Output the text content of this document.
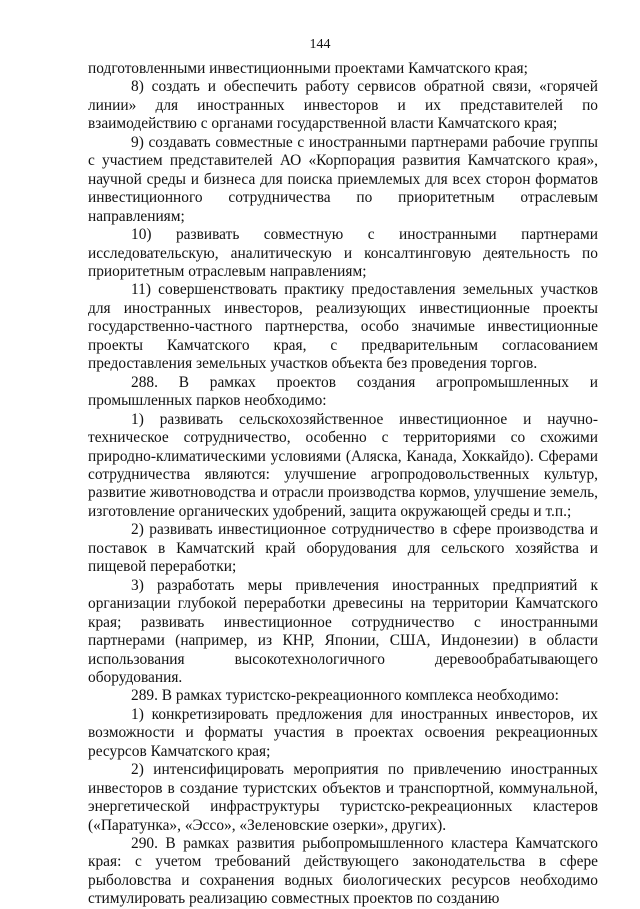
144

подготовленными инвестиционными проектами Камчатского края;

8) создать и обеспечить работу сервисов обратной связи, «горячей линии» для иностранных инвесторов и их представителей по взаимодействию с органами государственной власти Камчатского края;

9) создавать совместные с иностранными партнерами рабочие группы с участием представителей АО «Корпорация развития Камчатского края», научной среды и бизнеса для поиска приемлемых для всех сторон форматов инвестиционного сотрудничества по приоритетным отраслевым направлениям;

10) развивать совместную с иностранными партнерами исследовательскую, аналитическую и консалтинговую деятельность по приоритетным отраслевым направлениям;

11) совершенствовать практику предоставления земельных участков для иностранных инвесторов, реализующих инвестиционные проекты государственно-частного партнерства, особо значимые инвестиционные проекты Камчатского края, с предварительным согласованием предоставления земельных участков объекта без проведения торгов.

288. В рамках проектов создания агропромышленных и промышленных парков необходимо:

1) развивать сельскохозяйственное инвестиционное и научно-техническое сотрудничество, особенно с территориями со схожими природно-климатическими условиями (Аляска, Канада, Хоккайдо). Сферами сотрудничества являются: улучшение агропродовольственных культур, развитие животноводства и отрасли производства кормов, улучшение земель, изготовление органических удобрений, защита окружающей среды и т.п.;

2) развивать инвестиционное сотрудничество в сфере производства и поставок в Камчатский край оборудования для сельского хозяйства и пищевой переработки;

3) разработать меры привлечения иностранных предприятий к организации глубокой переработки древесины на территории Камчатского края; развивать инвестиционное сотрудничество с иностранными партнерами (например, из КНР, Японии, США, Индонезии) в области использования высокотехнологичного деревообрабатывающего оборудования.

289. В рамках туристско-рекреационного комплекса необходимо:

1) конкретизировать предложения для иностранных инвесторов, их возможности и форматы участия в проектах освоения рекреационных ресурсов Камчатского края;

2) интенсифицировать мероприятия по привлечению иностранных инвесторов в создание туристских объектов и транспортной, коммунальной, энергетической инфраструктуры туристско-рекреационных кластеров («Паратунка», «Эссо», «Зеленовские озерки», других).

290. В рамках развития рыбопромышленного кластера Камчатского края: с учетом требований действующего законодательства в сфере рыболовства и сохранения водных биологических ресурсов необходимо стимулировать реализацию совместных проектов по созданию
